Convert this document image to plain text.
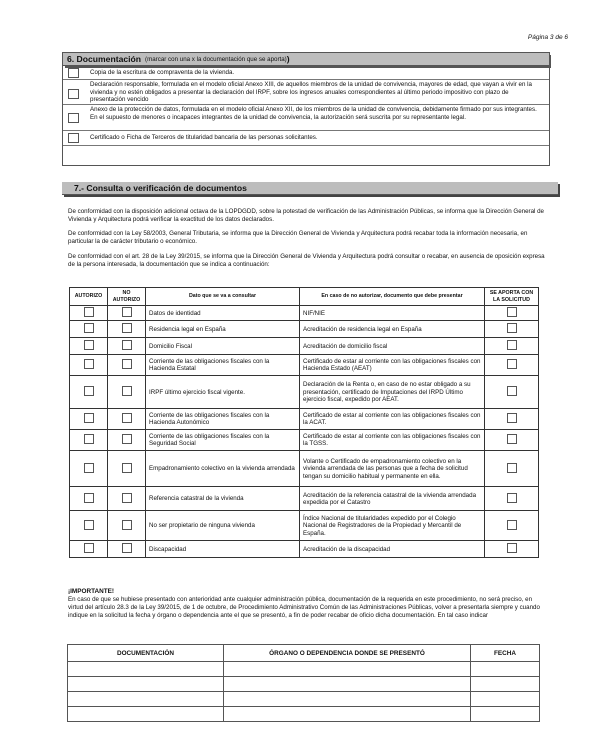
Página 3 de 6
6. Documentación (marcar con una x la documentación que se aporta) )
Copia de la escritura de compraventa de la vivienda.
Declaración responsable, formulada en el modelo oficial Anexo XIII, de aquellos miembros de la unidad de convivencia, mayores de edad, que vayan a vivir en la vivienda y no estén obligados a presentar la declaración del IRPF, sobre los ingresos anuales correspondientes al último periodo impositivo con plazo de presentación vencido
Anexo de la protección de datos, formulada en el modelo oficial Anexo XII, de los miembros de la unidad de convivencia, debidamente firmado por sus integrantes. En el supuesto de menores o incapaces integrantes de la unidad de convivencia, la autorización será suscrita por su representante legal.
Certificado o Ficha de Terceros de titularidad bancaria de las personas solicitantes.
7.- Consulta o verificación de documentos
De conformidad con la disposición adicional octava de la LOPDGDD, sobre la potestad de verificación de las Administración Públicas, se informa que la Dirección General de Vivienda y Arquitectura podrá verificar la exactitud de los datos declarados.
De conformidad con la Ley 58/2003, General Tributaria, se informa que la Dirección General de Vivienda y Arquitectura podrá recabar toda la información necesaria, en particular la de carácter tributario o económico.
De conformidad con el art. 28 de la Ley 39/2015, se informa que la Dirección General de Vivienda y Arquitectura podrá consultar o recabar, en ausencia de oposición expresa de la persona interesada, la documentación que se indica a continuación:
AUTORIZO	NO AUTORIZO	Dato que se va a consultar	En caso de no autorizar, documento que debe presentar	SE APORTA CON LA SOLICITUD
		Datos de identidad	NIF/NIE	
		Residencia legal en España	Acreditación de residencia legal en España	
		Domicilio Fiscal	Acreditación de domicilio fiscal	
		Corriente de las obligaciones fiscales con la Hacienda Estatal	Certificado de estar al corriente con las obligaciones fiscales con Hacienda Estado (AEAT)	
		IRPF último ejercicio fiscal vigente.	Declaración de la Renta o, en caso de no estar obligado a su presentación, certificado de Imputaciones del IRPD Último ejercicio fiscal, expedido por AEAT.	
		Corriente de las obligaciones fiscales con la Hacienda Autonómico	Certificado de estar al corriente con las obligaciones fiscales con la ACAT.	
		Corriente de las obligaciones fiscales con la Seguridad Social	Certificado de estar al corriente con las obligaciones fiscales con la TGSS.	
		Empadronamiento colectivo en la vivienda arrendada	Volante o Certificado de empadronamiento colectivo en la vivienda arrendada de las personas que a fecha de solicitud tengan su domicilio habitual y permanente en ella.	
		Referencia catastral de la vivienda	Acreditación de la referencia catastral de la vivienda arrendada expedida por el Catastro	
		No ser propietario de ninguna vivienda	Índice Nacional de titularidades expedido por el Colegio Nacional de Registradores de la Propiedad y Mercantil de España.	
		Discapacidad	Acreditación de la discapacidad	
¡IMPORTANTE!
En caso de que se hubiese presentado con anterioridad ante cualquier administración pública, documentación de la requerida en este procedimiento, no será preciso, en virtud del artículo 28.3 de la Ley 39/2015, de 1 de octubre, de Procedimiento Administrativo Común de las Administraciones Públicas, volver a presentarla siempre y cuando indique en la solicitud la fecha y órgano o dependencia ante el que se presentó, a fin de poder recabar de oficio dicha documentación. En tal caso indicar
DOCUMENTACIÓN	ÓRGANO O DEPENDENCIA DONDE SE PRESENTÓ	FECHA
